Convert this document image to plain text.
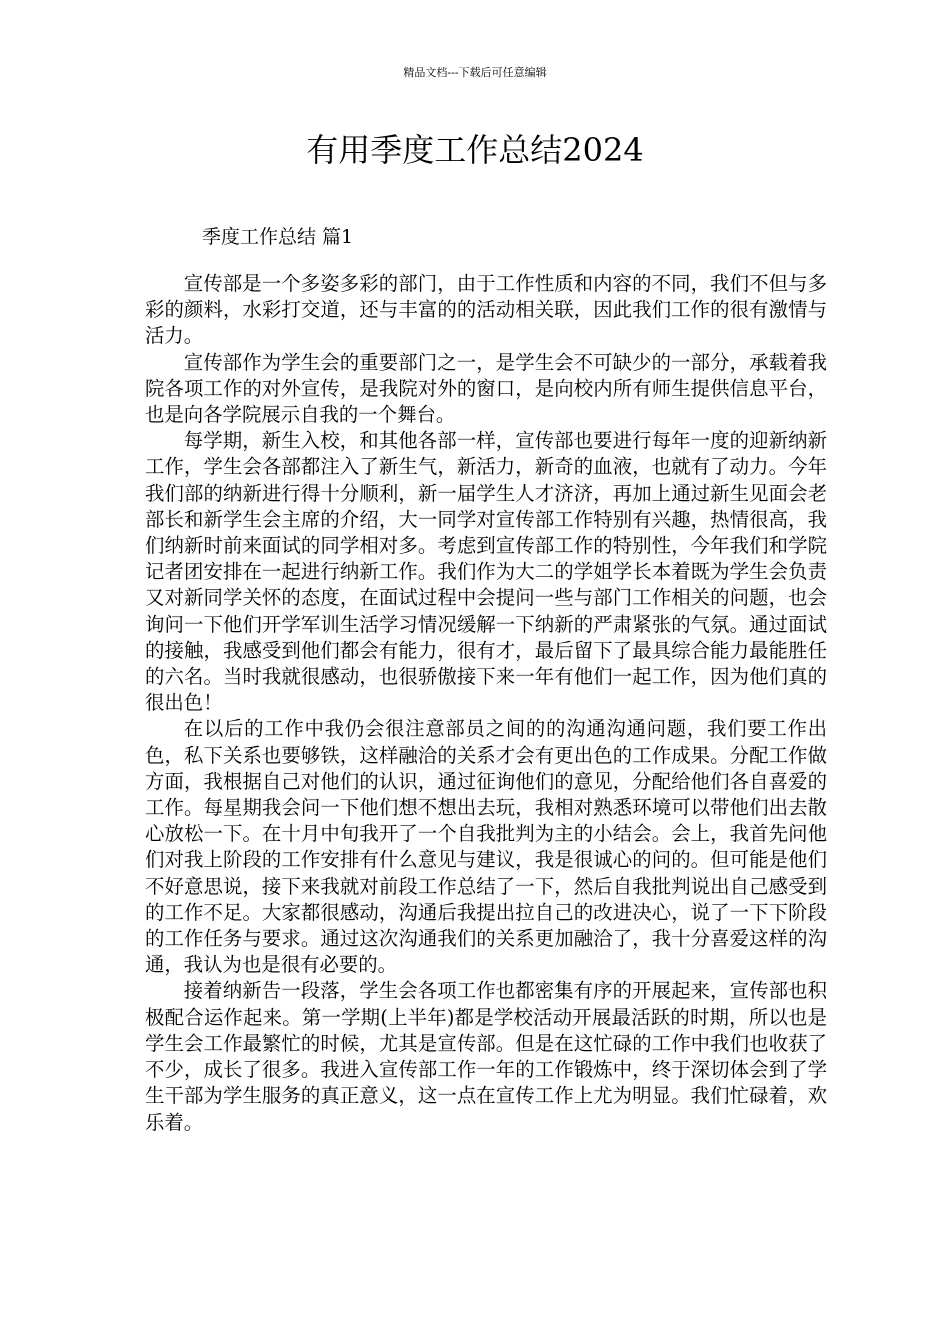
精品文档---下载后可任意编辑
有用季度工作总结2024
季度工作总结 篇1

宣传部是一个多姿多彩的部门，由于工作性质和内容的不同，我们不但与多彩的颜料，水彩打交道，还与丰富的的活动相关联，因此我们工作的很有激情与活力。

宣传部作为学生会的重要部门之一，是学生会不可缺少的一部分，承载着我院各项工作的对外宣传，是我院对外的窗口，是向校内所有师生提供信息平台，也是向各学院展示自我的一个舞台。

每学期，新生入校，和其他各部一样，宣传部也要进行每年一度的迎新纳新工作，学生会各部都注入了新生气，新活力，新奇的血液，也就有了动力。今年我们部的纳新进行得十分顺利，新一届学生人才济济，再加上通过新生见面会老部长和新学生会主席的介绍，大一同学对宣传部工作特别有兴趣，热情很高，我们纳新时前来面试的同学相对多。考虑到宣传部工作的特别性，今年我们和学院记者团安排在一起进行纳新工作。我们作为大二的学姐学长本着既为学生会负责又对新同学关怀的态度，在面试过程中会提问一些与部门工作相关的问题，也会询问一下他们开学军训生活学习情况缓解一下纳新的严肃紧张的气氛。通过面试的接触，我感受到他们都会有能力，很有才，最后留下了最具综合能力最能胜任的六名。当时我就很感动，也很骄傲接下来一年有他们一起工作，因为他们真的很出色！

在以后的工作中我仍会很注意部员之间的的沟通沟通问题，我们要工作出色，私下关系也要够铁，这样融洽的关系才会有更出色的工作成果。分配工作做方面，我根据自己对他们的认识，通过征询他们的意见，分配给他们各自喜爱的工作。每星期我会问一下他们想不想出去玩，我相对熟悉环境可以带他们出去散心放松一下。在十月中旬我开了一个自我批判为主的小结会。会上，我首先问他们对我上阶段的工作安排有什么意见与建议，我是很诚心的问的。但可能是他们不好意思说，接下来我就对前段工作总结了一下，然后自我批判说出自己感受到的工作不足。大家都很感动，沟通后我提出拉自己的改进决心，说了一下下阶段的工作任务与要求。通过这次沟通我们的关系更加融洽了，我十分喜爱这样的沟通，我认为也是很有必要的。

接着纳新告一段落，学生会各项工作也都密集有序的开展起来，宣传部也积极配合运作起来。第一学期(上半年)都是学校活动开展最活跃的时期，所以也是学生会工作最繁忙的时候，尤其是宣传部。但是在这忙碌的工作中我们也收获了不少，成长了很多。我进入宣传部工作一年的工作锻炼中，终于深切体会到了学生干部为学生服务的真正意义，这一点在宣传工作上尤为明显。我们忙碌着，欢乐着。
